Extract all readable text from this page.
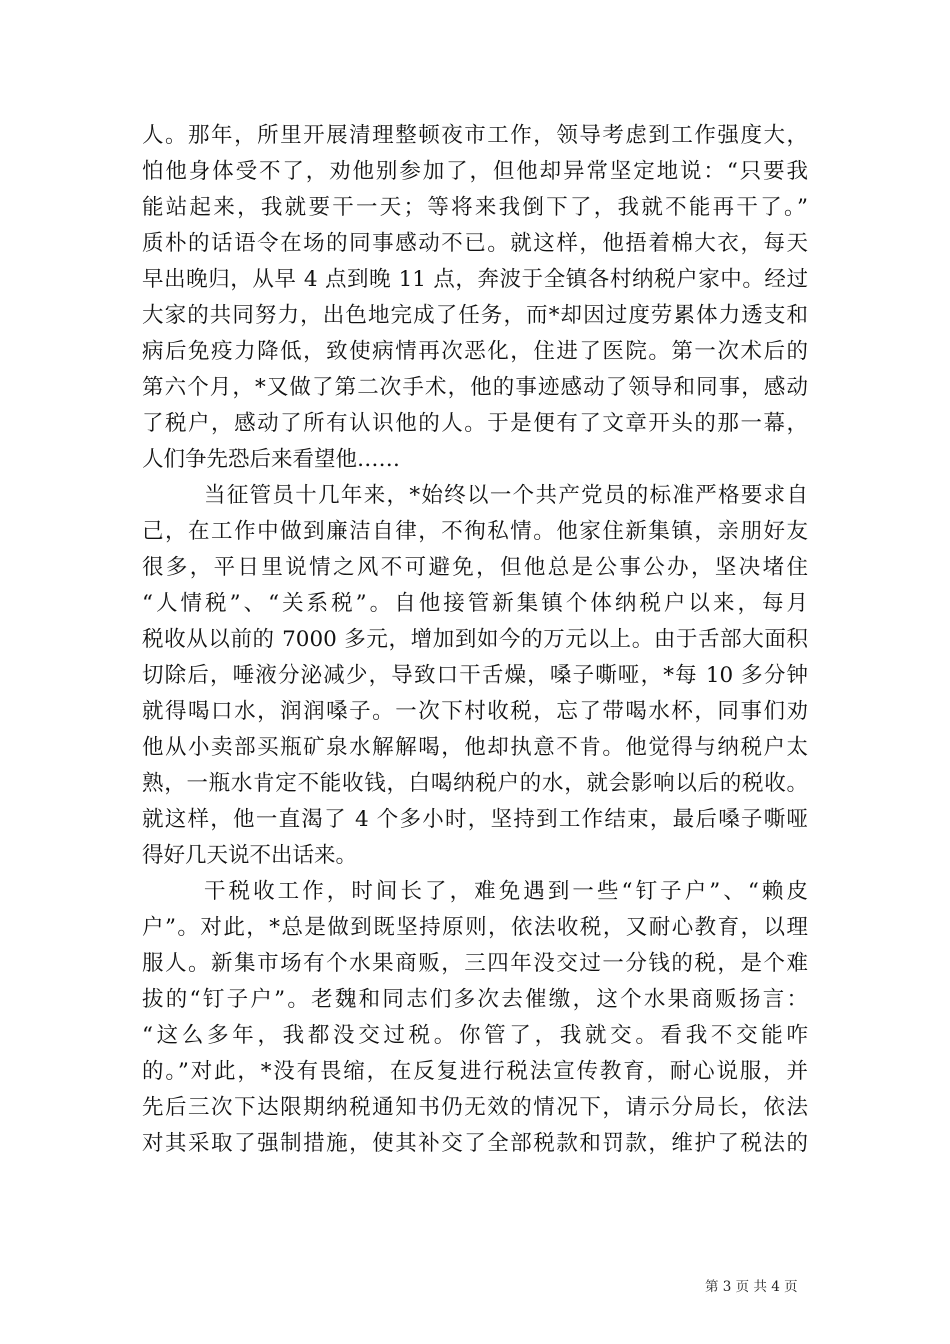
人。那年，所里开展清理整顿夜市工作，领导考虑到工作强度大，
怕他身体受不了，劝他别参加了，但他却异常坚定地说：“只要我
能站起来，我就要干一天；等将来我倒下了，我就不能再干了。”
质朴的话语令在场的同事感动不已。就这样，他捂着棉大衣，每天
早出晚归，从早 4 点到晚 11 点，奔波于全镇各村纳税户家中。经过
大家的共同努力，出色地完成了任务，而*却因过度劳累体力透支和
病后免疫力降低，致使病情再次恶化，住进了医院。第一次术后的
第六个月，*又做了第二次手术，他的事迹感动了领导和同事，感动
了税户，感动了所有认识他的人。于是便有了文章开头的那一幕，
人们争先恐后来看望他……
当征管员十几年来，*始终以一个共产党员的标准严格要求自
己，在工作中做到廉洁自律，不徇私情。他家住新集镇，亲朋好友
很多，平日里说情之风不可避免，但他总是公事公办，坚决堵住
“人情税”、“关系税”。自他接管新集镇个体纳税户以来，每月
税收从以前的 7000 多元，增加到如今的万元以上。由于舌部大面积
切除后，唾液分泌减少，导致口干舌燥，嗓子嘶哑，*每 10 多分钟
就得喝口水，润润嗓子。一次下村收税，忘了带喝水杯，同事们劝
他从小卖部买瓶矿泉水解解喝，他却执意不肯。他觉得与纳税户太
熟，一瓶水肯定不能收钱，白喝纳税户的水，就会影响以后的税收。
就这样，他一直渴了 4 个多小时，坚持到工作结束，最后嗓子嘶哑
得好几天说不出话来。
干税收工作，时间长了，难免遇到一些“钉子户”、“赖皮
户”。对此，*总是做到既坚持原则，依法收税，又耐心教育，以理
服人。新集市场有个水果商贩，三四年没交过一分钱的税，是个难
拔的“钉子户”。老魏和同志们多次去催缴，这个水果商贩扬言：
“这么多年，我都没交过税。你管了，我就交。看我不交能咋
的。”对此，*没有畏缩，在反复进行税法宣传教育，耐心说服，并
先后三次下达限期纳税通知书仍无效的情况下，请示分局长，依法
对其采取了强制措施，使其补交了全部税款和罚款，维护了税法的
第 3 页 共 4 页
